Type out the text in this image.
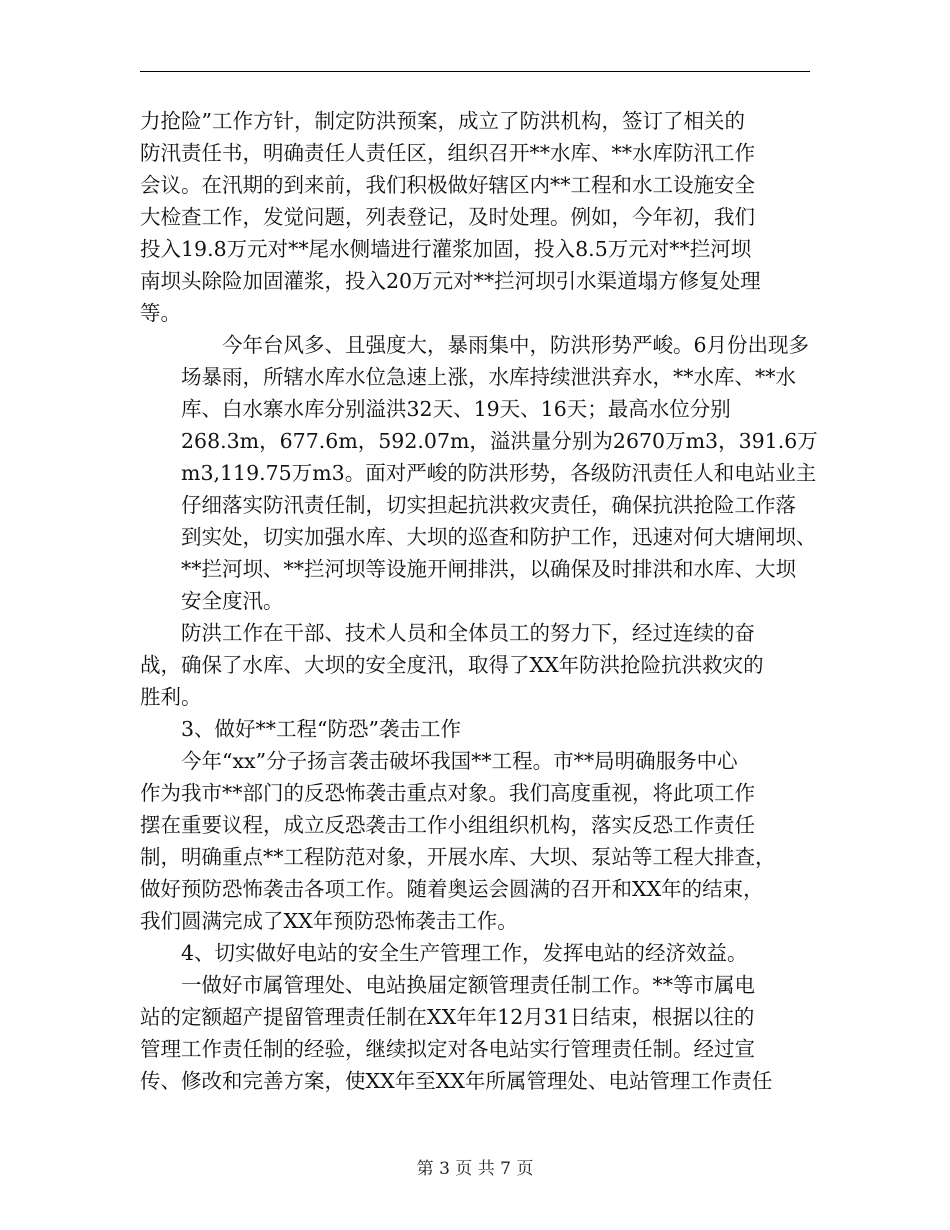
力抢险”工作方针，制定防洪预案，成立了防洪机构，签订了相关的
防汛责任书，明确责任人责任区，组织召开**水库、**水库防汛工作
会议。在汛期的到来前，我们积极做好辖区内**工程和水工设施安全
大检查工作，发觉问题，列表登记，及时处理。例如，今年初，我们
投入19.8万元对**尾水侧墙进行灌浆加固，投入8.5万元对**拦河坝
南坝头除险加固灌浆，投入20万元对**拦河坝引水渠道塌方修复处理
等。

今年台风多、且强度大，暴雨集中，防洪形势严峻。6月份出现多
场暴雨，所辖水库水位急速上涨，水库持续泄洪弃水，**水库、**水
库、白水寨水库分别溢洪32天、19天、16天；最高水位分别
268.3m，677.6m，592.07m，溢洪量分别为2670万m3，391.6万
m3,119.75万m3。面对严峻的防洪形势，各级防汛责任人和电站业主
仔细落实防汛责任制，切实担起抗洪救灾责任，确保抗洪抢险工作落
到实处，切实加强水库、大坝的巡查和防护工作，迅速对何大塘闸坝、
**拦河坝、**拦河坝等设施开闸排洪，以确保及时排洪和水库、大坝
安全度汛。

防洪工作在干部、技术人员和全体员工的努力下，经过连续的奋
战，确保了水库、大坝的安全度汛，取得了XX年防洪抢险抗洪救灾的
胜利。

3、做好**工程“防恐”袭击工作

今年“xx”分子扬言袭击破坏我国**工程。市**局明确服务中心
作为我市**部门的反恐怖袭击重点对象。我们高度重视，将此项工作
摆在重要议程，成立反恐袭击工作小组组织机构，落实反恐工作责任
制，明确重点**工程防范对象，开展水库、大坝、泵站等工程大排查，
做好预防恐怖袭击各项工作。随着奥运会圆满的召开和XX年的结束，
我们圆满完成了XX年预防恐怖袭击工作。

4、切实做好电站的安全生产管理工作，发挥电站的经济效益。

一做好市属管理处、电站换届定额管理责任制工作。**等市属电
站的定额超产提留管理责任制在XX年年12月31日结束，根据以往的
管理工作责任制的经验，继续拟定对各电站实行管理责任制。经过宣
传、修改和完善方案，使XX年至XX年所属管理处、电站管理工作责任

第 3 页 共 7 页
